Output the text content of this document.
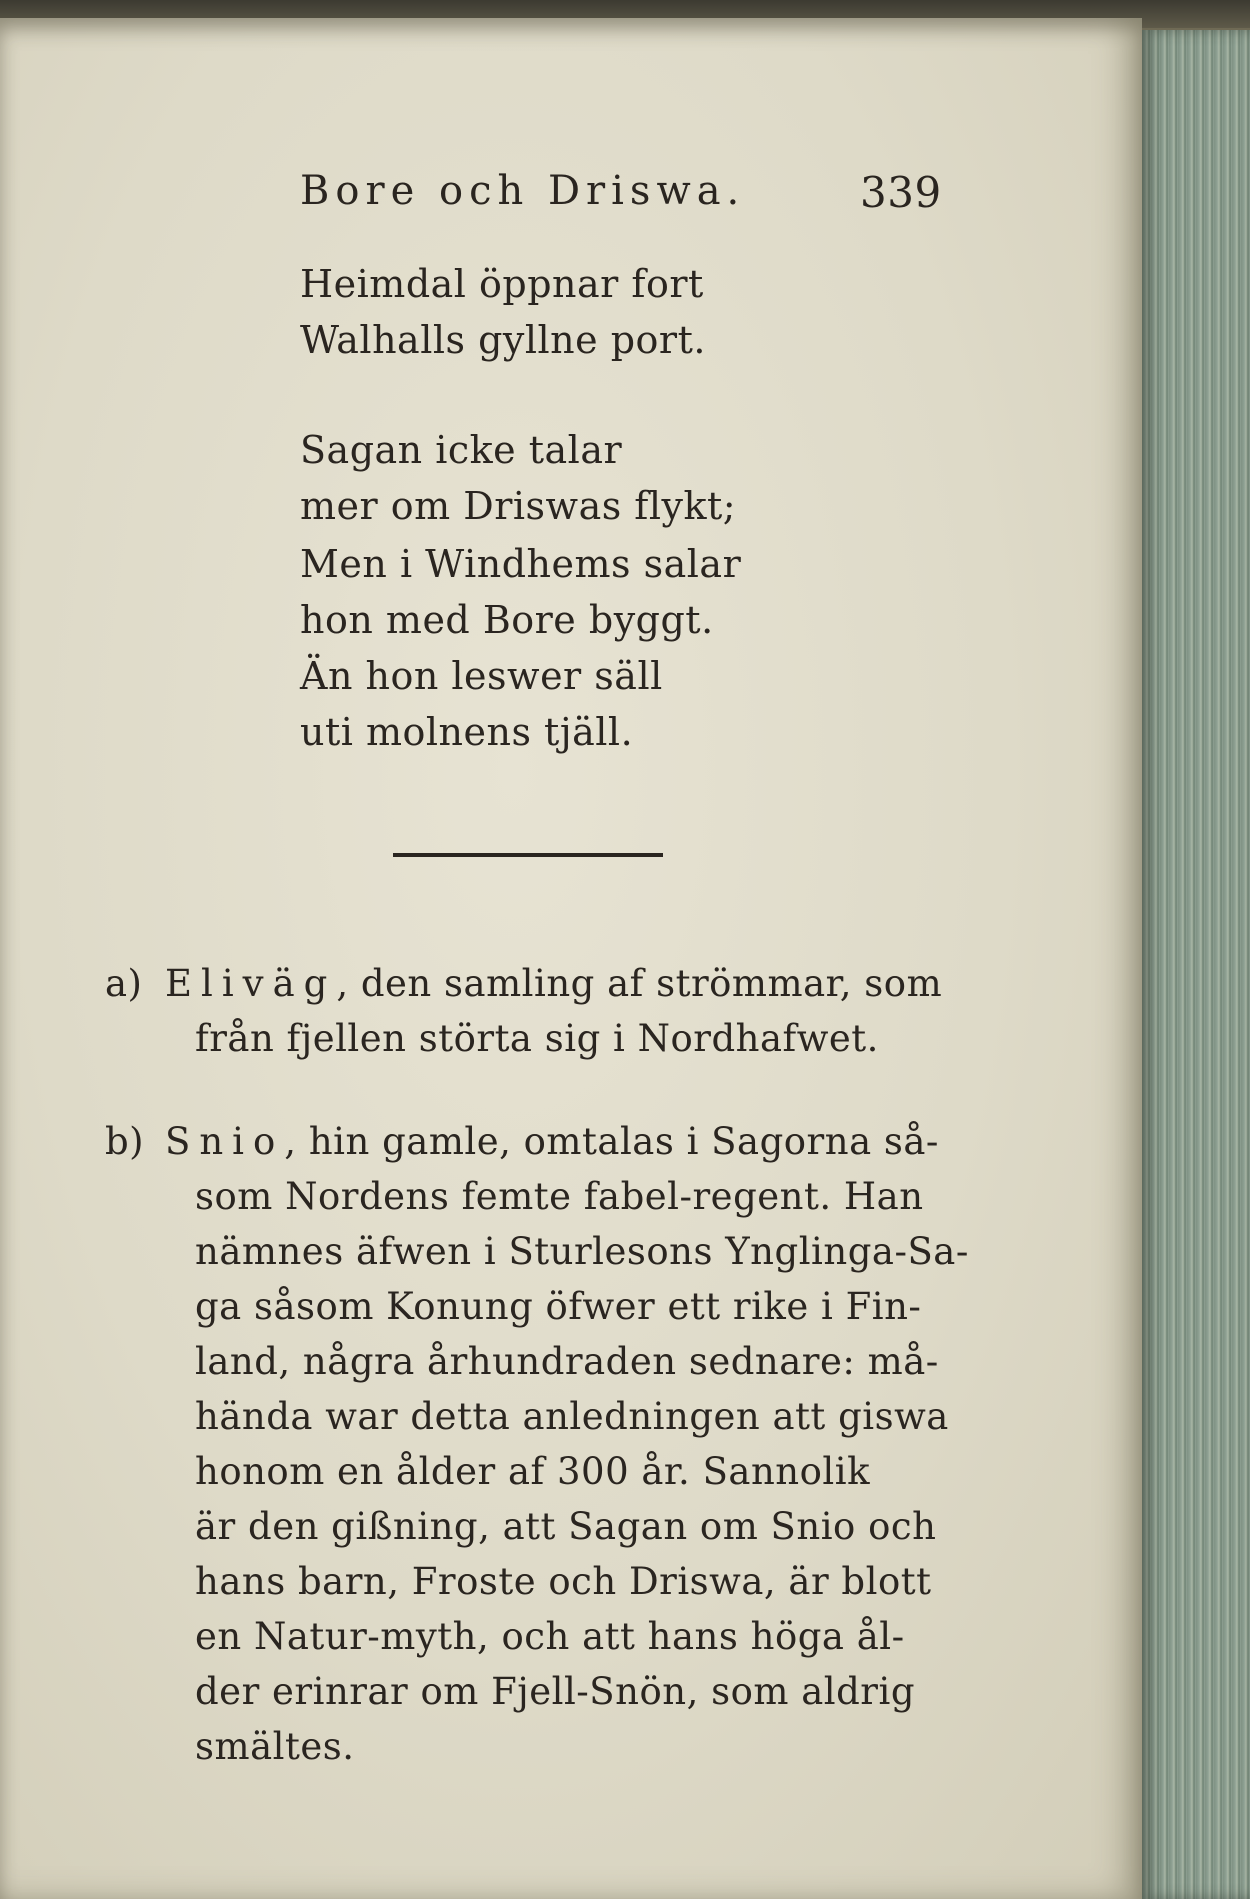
Bore och Driswa.	339
Heimdal öppnar fort
Walhalls gyllne port.
Sagan icke talar
mer om Driswas flykt;
Men i Windhems salar
hon med Bore byggt.
Än hon leswer säll
uti molnens tjäll.
a) Eliväg, den samling af strömmar, som
från fjellen störta sig i Nordhafwet.
b) Snio, hin gamle, omtalas i Sagorna så-
som Nordens femte fabel-regent. Han
nämnes äfwen i Sturlesons Ynglinga-Sa-
ga såsom Konung öfwer ett rike i Fin-
land, några århundraden sednare: må-
hända war detta anledningen att giswa
honom en ålder af 300 år. Sannolik
är den gißning, att Sagan om Snio och
hans barn, Froste och Driswa, är blott
en Natur-myth, och att hans höga ål-
der erinrar om Fjell-Snön, som aldrig
smältes.
